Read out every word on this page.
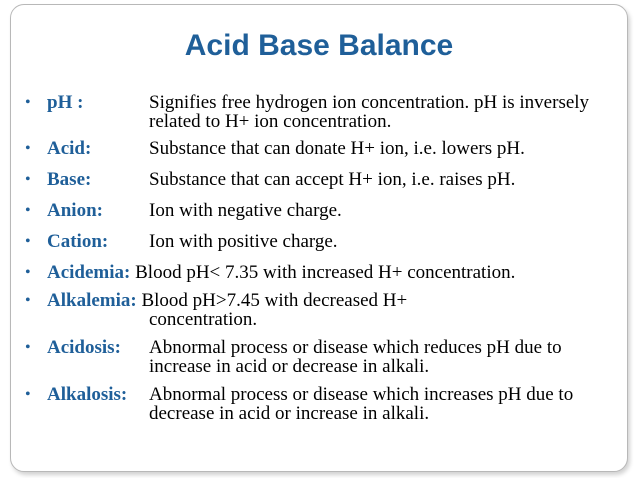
Acid Base Balance
• pH :	Signifies free hydrogen ion concentration. pH is inversely related to H+ ion concentration.
• Acid:	Substance that can donate H+ ion, i.e. lowers pH.
• Base:	Substance that can accept H+ ion, i.e. raises pH.
• Anion:	Ion with negative charge.
• Cation:	Ion with positive charge.
• Acidemia: Blood pH< 7.35 with increased H+ concentration.
• Alkalemia: Blood pH>7.45 with decreased H+
concentration.
• Acidosis:	Abnormal process or disease which reduces pH due to increase in acid or decrease in alkali.
• Alkalosis:	Abnormal process or disease which increases pH due to decrease in acid or increase in alkali.
